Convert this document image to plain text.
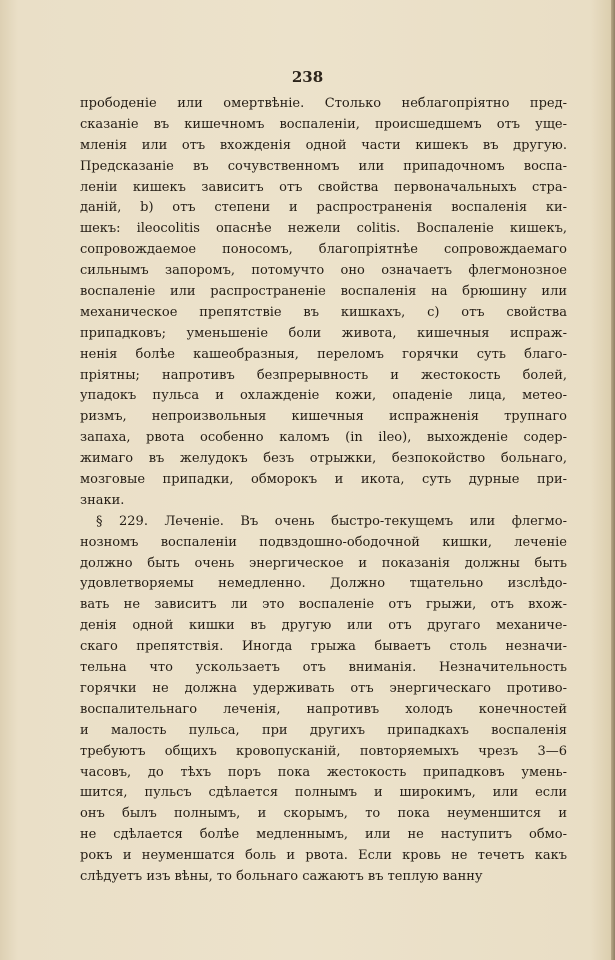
238
прободеніе или омертвѣніе. Столько неблагопріятно пред-
сказаніе въ кишечномъ воспаленіи, происшедшемъ отъ уще-
мленія или отъ вхожденія одной части кишекъ въ другую.
Предсказаніе въ сочувственномъ или припадочномъ воспа-
леніи кишекъ зависитъ отъ свойства первоначальныхъ стра-
даній, b) отъ степени и распространенія воспаленія ки-
шекъ: ileocolitis опаснѣе нежели colitis. Воспаленіе кишекъ,
сопровождаемое поносомъ, благопріятнѣе сопровождаемаго
сильнымъ запоромъ, потомучто оно означаетъ флегмонозное
воспаленіе или распространеніе воспаленія на брюшину или
механическое препятствіе въ кишкахъ, c) отъ свойства
припадковъ; уменьшеніе боли живота, кишечныя испраж-
ненія болѣе кашеобразныя, переломъ горячки суть благо-
пріятны; напротивъ безпрерывность и жестокость болей,
упадокъ пульса и охлажденіе кожи, опаденіе лица, метео-
ризмъ, непроизвольныя кишечныя испражненія трупнаго
запаха, рвота особенно каломъ (in ileo), выхожденіе содер-
жимаго въ желудокъ безъ отрыжки, безпокойство больнаго,
мозговые припадки, обморокъ и икота, суть дурные при-
знаки.
§ 229. Леченіе. Въ очень быстро-текущемъ или флегмо-
нозномъ воспаленіи подвздошно-ободочной кишки, леченіе
должно быть очень энергическое и показанія должны быть
удовлетворяемы немедленно. Должно тщательно изслѣдо-
вать не зависитъ ли это воспаленіе отъ грыжи, отъ вхож-
денія одной кишки въ другую или отъ другаго механиче-
скаго препятствія. Иногда грыжа бываетъ столь незначи-
тельна что ускользаетъ отъ вниманія. Незначительность
горячки не должна удерживать отъ энергическаго противо-
воспалительнаго леченія, напротивъ холодъ конечностей
и малость пульса, при другихъ припадкахъ воспаленія
требуютъ общихъ кровопусканій, повторяемыхъ чрезъ 3—6
часовъ, до тѣхъ поръ пока жестокость припадковъ умень-
шится, пульсъ сдѣлается полнымъ и широкимъ, или если
онъ былъ полнымъ, и скорымъ, то пока неуменшится и
не сдѣлается болѣе медленнымъ, или не наступитъ обмо-
рокъ и неуменшатся боль и рвота. Если кровь не течетъ какъ
слѣдуетъ изъ вѣны, то больнаго сажаютъ въ теплую ванну
